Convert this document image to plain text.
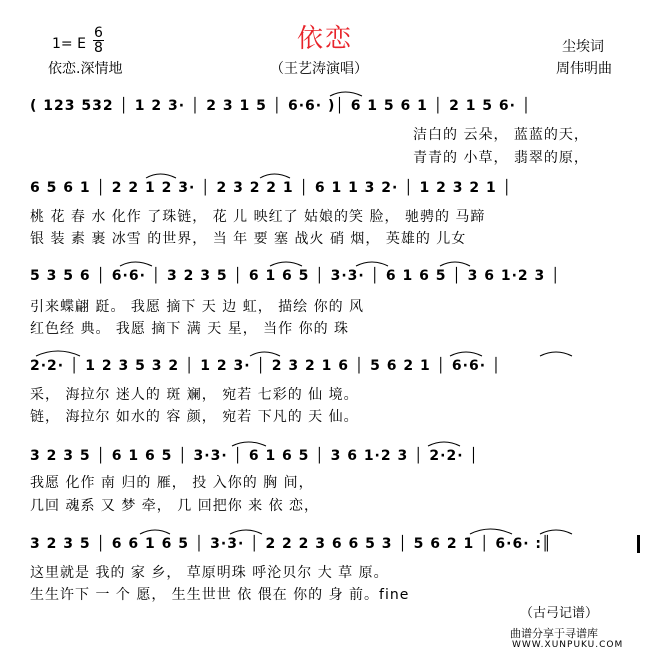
依恋
1= E
6
8
依恋.深情地	（王艺涛演唱）
尘埃词
周伟明曲
( 123 532 │ 1 2 3· │ 2 3 1 5 │ 6·6· )│ 6 1 5 6 1 │ 2 1 5 6· │
洁白的 云朵， 蓝蓝的天，
青青的 小草， 翡翠的原，
6 5 6 1 │ 2 2 1 2 3· │ 2 3 2 2 1 │ 6 1 1 3 2· │ 1 2 3 2 1 │
桃 花 春 水 化作 了珠链， 花 儿 映红了 姑娘的笑 脸， 驰骋的 马蹄
银 装 素 裹 冰雪 的世界， 当 年 要 塞 战火 硝 烟， 英雄的 儿女
5 3 5 6 │ 6·6· │ 3 2 3 5 │ 6 1 6 5 │ 3·3· │ 6 1 6 5 │ 3 6 1·2 3 │
引来蝶翩 跹。 我愿 摘下 天 边 虹， 描绘 你的 风
红色经 典。 我愿 摘下 满 天 星， 当作 你的 珠
2·2· │ 1 2 3 5 3 2 │ 1 2 3· │ 2 3 2 1 6 │ 5 6 2 1 │ 6·6· │
采， 海拉尔 迷人的 斑 斓， 宛若 七彩的 仙 境。
链， 海拉尔 如水的 容 颜， 宛若 下凡的 天 仙。
3 2 3 5 │ 6 1 6 5 │ 3·3· │ 6 1 6 5 │ 3 6 1·2 3 │ 2·2· │
我愿 化作 南 归的 雁， 投 入你的 胸 间，
几回 魂系 又 梦 牵， 几 回把你 来 依 恋，
3 2 3 5 │ 6 6 1 6 5 │ 3·3· │ 2 2 2 3 6 6 5 3 │ 5 6 2 1 │ 6·6· :║
这里就是 我的 家 乡， 草原明珠 呼沦贝尔 大 草 原。
生生许下 一 个 愿， 生生世世 依 偎在 你的 身 前。fine
（古弓记谱）
曲谱分享于寻谱库
WWW.XUNPUKU.COM
